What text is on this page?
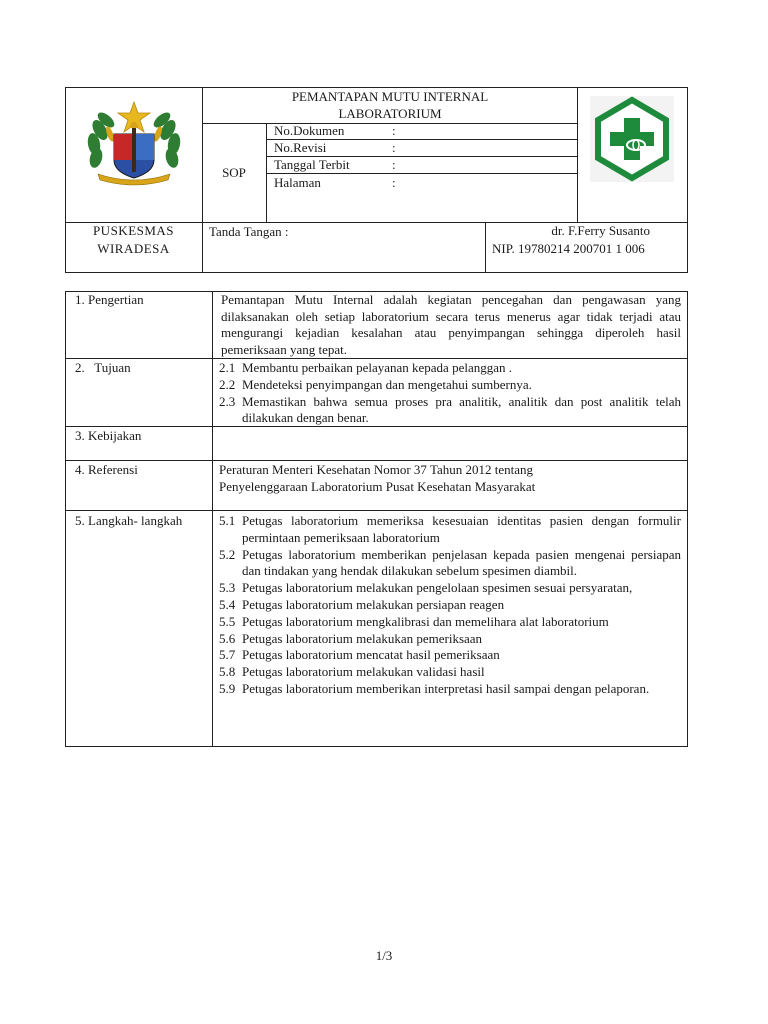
PEMANTAPAN MUTU INTERNAL
LABORATORIUM
SOP
No.Dokumen	:
No.Revisi	:
Tanggal Terbit	:
Halaman	:
PUSKESMAS
WIRADESA
Tanda Tangan :	dr. F.Ferry Susanto
NIP. 19780214 200701 1 006
1. Pengertian	Pemantapan Mutu Internal adalah kegiatan pencegahan dan pengawasan yang dilaksanakan oleh setiap laboratorium secara terus menerus agar tidak terjadi atau mengurangi kejadian kesalahan atau penyimpangan sehingga diperoleh hasil pemeriksaan yang tepat.
2.   Tujuan	2.1 Membantu perbaikan pelayanan kepada pelanggan .
2.2 Mendeteksi penyimpangan dan mengetahui sumbernya.
2.3 Memastikan bahwa semua proses pra analitik, analitik dan post analitik telah dilakukan dengan benar.
3. Kebijakan
4. Referensi	Peraturan Menteri Kesehatan Nomor 37 Tahun 2012 tentang
Penyelenggaraan Laboratorium Pusat Kesehatan Masyarakat
5. Langkah- langkah	5.1 Petugas laboratorium memeriksa kesesuaian identitas pasien dengan formulir permintaan pemeriksaan laboratorium
5.2 Petugas laboratorium memberikan penjelasan kepada pasien mengenai persiapan dan tindakan yang hendak dilakukan sebelum spesimen diambil.
5.3 Petugas laboratorium melakukan pengelolaan spesimen sesuai persyaratan,
5.4 Petugas laboratorium melakukan persiapan reagen
5.5 Petugas laboratorium mengkalibrasi dan memelihara alat laboratorium
5.6 Petugas laboratorium melakukan pemeriksaan
5.7 Petugas laboratorium mencatat hasil pemeriksaan
5.8 Petugas laboratorium melakukan validasi hasil
5.9 Petugas laboratorium memberikan interpretasi hasil sampai dengan pelaporan.
1/3
